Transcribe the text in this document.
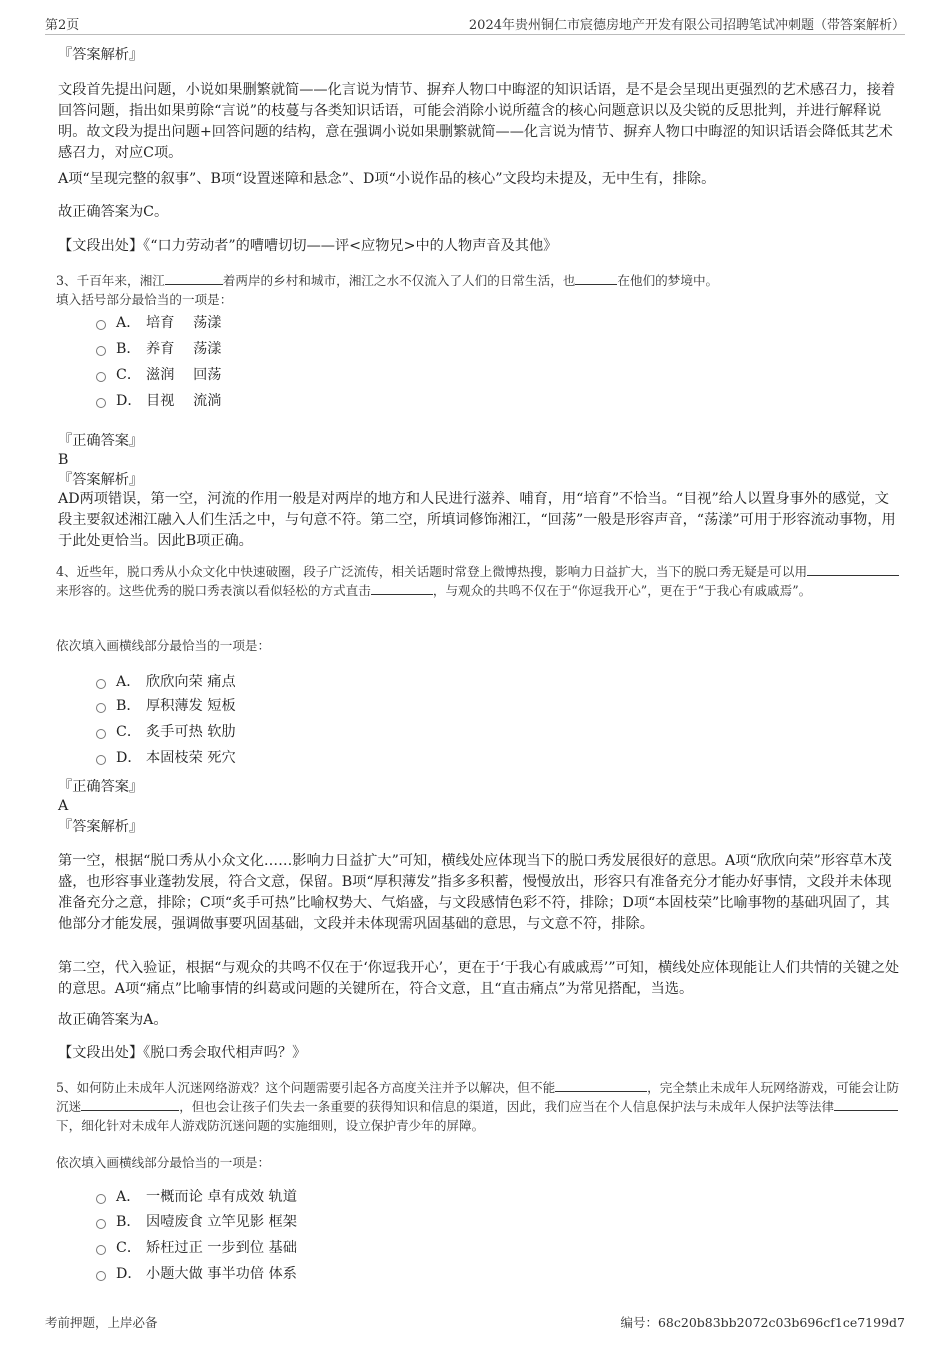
第2页	2024年贵州铜仁市宸德房地产开发有限公司招聘笔试冲刺题（带答案解析）
『答案解析』
文段首先提出问题，小说如果删繁就简——化言说为情节、摒弃人物口中晦涩的知识话语，是不是会呈现出更强烈的艺术感召力，接着回答问题，指出如果剪除“言说”的枝蔓与各类知识话语，可能会消除小说所蕴含的核心问题意识以及尖锐的反思批判，并进行解释说明。故文段为提出问题+回答问题的结构，意在强调小说如果删繁就简——化言说为情节、摒弃人物口中晦涩的知识话语会降低其艺术感召力，对应C项。
A项“呈现完整的叙事”、B项“设置迷障和悬念”、D项“小说作品的核心”文段均未提及，无中生有，排除。
故正确答案为C。
【文段出处】《“口力劳动者”的嘈嘈切切——评<应物兄>中的人物声音及其他》
3、千百年来，湘江	着两岸的乡村和城市，湘江之水不仅流入了人们的日常生活，也	在他们的梦境中。
填入括号部分最恰当的一项是：
A． 培育　 荡漾
B． 养育　 荡漾
C． 滋润　 回荡
D． 目视　 流淌
『正确答案』
B
『答案解析』
AD两项错误，第一空，河流的作用一般是对两岸的地方和人民进行滋养、哺育，用“培育”不恰当。“目视”给人以置身事外的感觉，文段主要叙述湘江融入人们生活之中，与句意不符。第二空，所填词修饰湘江，“回荡”一般是形容声音，“荡漾”可用于形容流动事物，用于此处更恰当。因此B项正确。
4、近些年，脱口秀从小众文化中快速破圈，段子广泛流传，相关话题时常登上微博热搜，影响力日益扩大，当下的脱口秀无疑是可以用来形容的。这些优秀的脱口秀表演以看似轻松的方式直击	，与观众的共鸣不仅在于“你逗我开心”，更在于“于我心有戚戚焉”。
依次填入画横线部分最恰当的一项是：
A． 欣欣向荣 痛点
B． 厚积薄发 短板
C． 炙手可热 软肋
D． 本固枝荣 死穴
『正确答案』
A
『答案解析』
第一空，根据“脱口秀从小众文化……影响力日益扩大”可知，横线处应体现当下的脱口秀发展很好的意思。A项“欣欣向荣”形容草木茂盛，也形容事业蓬勃发展，符合文意，保留。B项“厚积薄发”指多多积蓄，慢慢放出，形容只有准备充分才能办好事情，文段并未体现准备充分之意，排除；C项“炙手可热”比喻权势大、气焰盛，与文段感情色彩不符，排除；D项“本固枝荣”比喻事物的基础巩固了，其他部分才能发展，强调做事要巩固基础，文段并未体现需巩固基础的意思，与文意不符，排除。
第二空，代入验证，根据“与观众的共鸣不仅在于‘你逗我开心’，更在于‘于我心有戚戚焉’”可知，横线处应体现能让人们共情的关键之处的意思。A项“痛点”比喻事情的纠葛或问题的关键所在，符合文意，且“直击痛点”为常见搭配，当选。
故正确答案为A。
【文段出处】《脱口秀会取代相声吗？》
5、如何防止未成年人沉迷网络游戏？这个问题需要引起各方高度关注并予以解决，但不能	，完全禁止未成年人玩网络游戏，可能会让防沉迷	，但也会让孩子们失去一条重要的获得知识和信息的渠道，因此，我们应当在个人信息保护法与未成年人保护法等法律下，细化针对未成年人游戏防沉迷问题的实施细则，设立保护青少年的屏障。
依次填入画横线部分最恰当的一项是：
A． 一概而论 卓有成效 轨道
B． 因噎废食 立竿见影 框架
C． 矫枉过正 一步到位 基础
D． 小题大做 事半功倍 体系
考前押题，上岸必备	编号：68c20b83bb2072c03b696cf1ce7199d7
